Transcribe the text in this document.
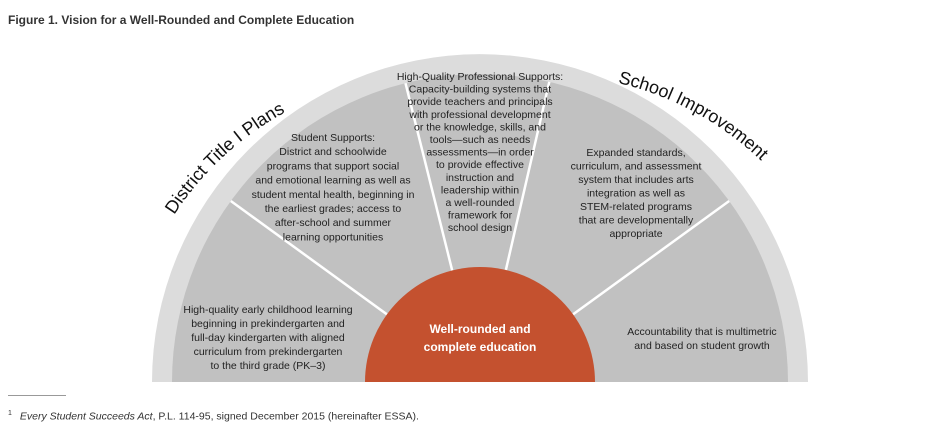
Figure 1. Vision for a Well-Rounded and Complete Education
District Title I Plans
School Improvement
Well-rounded and
complete education
High-quality early childhood learning beginning in prekindergarten and full-day kindergarten with aligned curriculum from prekindergarten to the third grade (PK–3)
Student Supports: District and schoolwide programs that support social and emotional learning as well as student mental health, beginning in the earliest grades; access to after-school and summer learning opportunities
High-Quality Professional Supports: Capacity-building systems that provide teachers and principals with professional development or the knowledge, skills, and tools—such as needs assessments—in order to provide effective instruction and leadership within a well-rounded framework for school design
Expanded standards, curriculum, and assessment system that includes arts integration as well as STEM-related programs that are developmentally appropriate
Accountability that is multimetric and based on student growth
$^1$ Every Student Succeeds Act, P.L. 114-95, signed December 2015 (hereinafter ESSA).
